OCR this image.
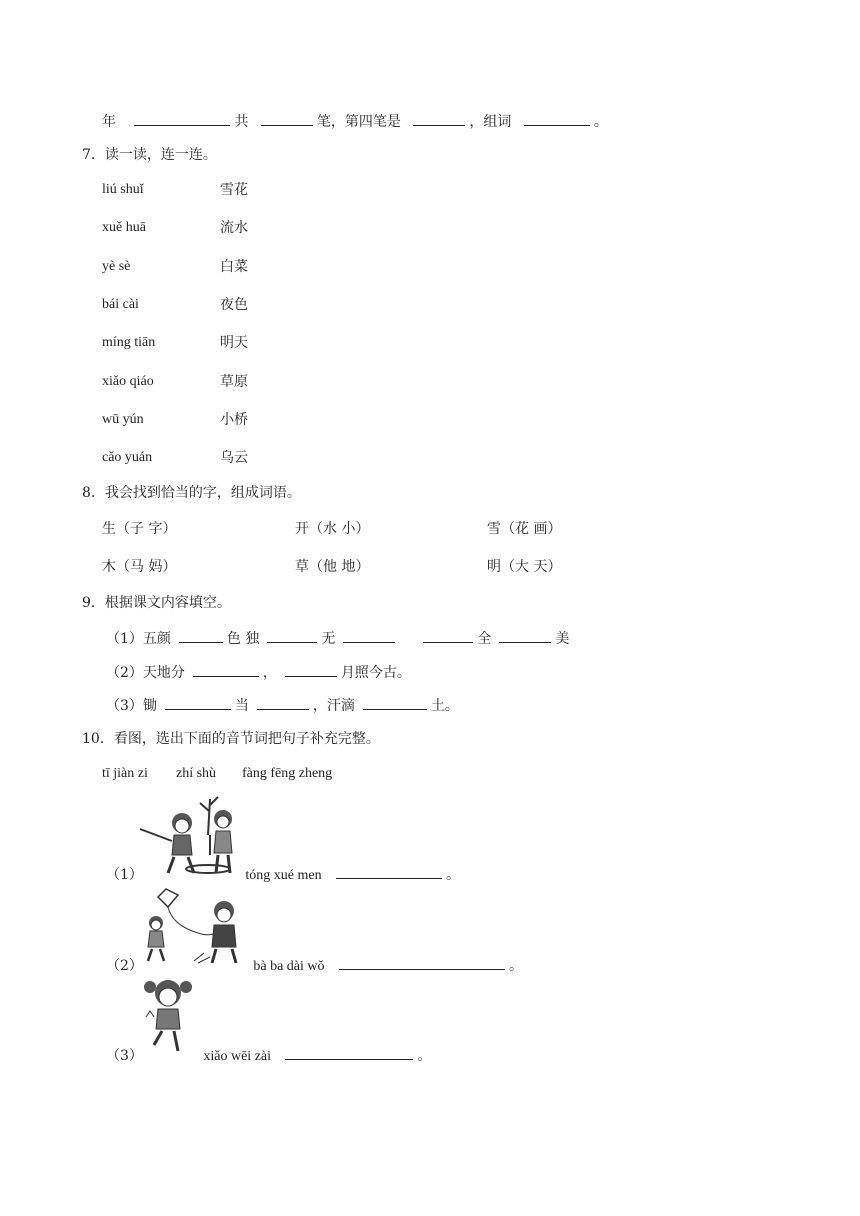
年	共	笔，第四笔是	，组词	。
7．读一读，连一连。
liú shuǐ	雪花
xuě huā	流水
yè sè	白菜
bái cài	夜色
míng tiān	明天
xiǎo qiáo	草原
wū yún	小桥
cǎo yuán	乌云
8．我会找到恰当的字，组成词语。
生（子 字）	开（水 小）	雪（花 画）
木（马 妈）	草（他 地）	明（大 天）
9．根据课文内容填空。
（1）五颜	色 独	无	全	美
（2）天地分	，	月照今古。
（3）锄	当	，汗滴	土。
10．看图，选出下面的音节词把句子补充完整。
tī jiàn zi zhí shù fàng fēng zheng
（1）	tóng xué men	。
（2）	bà ba dài wǒ	。
（3）	xiǎo wēi zài	。
